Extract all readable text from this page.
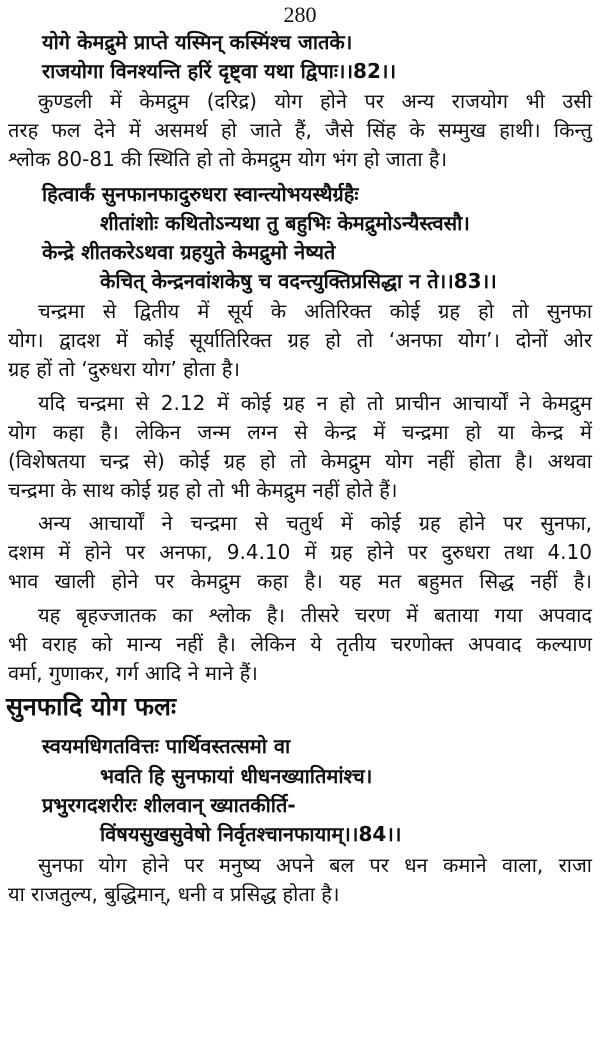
280
योगे केमद्रुमे प्राप्ते यस्मिन् कस्मिंश्च जातके।
राजयोगा विनश्यन्ति हरिं दृष्ट्वा यथा द्विपाः।।82।।
कुण्डली में केमद्रुम (दरिद्र) योग होने पर अन्य राजयोग भी उसी
तरह फल देने में असमर्थ हो जाते हैं, जैसे सिंह के सम्मुख हाथी। किन्तु
श्लोक 80-81 की स्थिति हो तो केमद्रुम योग भंग हो जाता है।
हित्वार्कं सुनफानफादुरुधरा स्वान्त्योभयस्थैर्ग्रहैः
शीतांशोः कथितोऽन्यथा तु बहुभिः केमद्रुमोऽन्यैस्त्वसौ।
केन्द्रे शीतकरेऽथवा ग्रहयुते केमद्रुमो नेष्यते
केचित् केन्द्रनवांशकेषु च वदन्त्युक्तिप्रसिद्धा न ते।।83।।
चन्द्रमा से द्वितीय में सूर्य के अतिरिक्त कोई ग्रह हो तो सुनफा
योग। द्वादश में कोई सूर्यातिरिक्त ग्रह हो तो ‘अनफा योग’। दोनों ओर
ग्रह हों तो ‘दुरुधरा योग’ होता है।
यदि चन्द्रमा से 2.12 में कोई ग्रह न हो तो प्राचीन आचार्यों ने केमद्रुम
योग कहा है। लेकिन जन्म लग्न से केन्द्र में चन्द्रमा हो या केन्द्र में
(विशेषतया चन्द्र से) कोई ग्रह हो तो केमद्रुम योग नहीं होता है। अथवा
चन्द्रमा के साथ कोई ग्रह हो तो भी केमद्रुम नहीं होते हैं।
अन्य आचार्यों ने चन्द्रमा से चतुर्थ में कोई ग्रह होने पर सुनफा,
दशम में होने पर अनफा, 9.4.10 में ग्रह होने पर दुरुधरा तथा 4.10
भाव खाली होने पर केमद्रुम कहा है। यह मत बहुमत सिद्ध नहीं है।
यह बृहज्जातक का श्लोक है। तीसरे चरण में बताया गया अपवाद
भी वराह को मान्य नहीं है। लेकिन ये तृतीय चरणोक्त अपवाद कल्याण
वर्मा, गुणाकर, गर्ग आदि ने माने हैं।
सुनफादि योग फलः
स्वयमधिगतवित्तः पार्थिवस्तत्समो वा
भवति हि सुनफायां धीधनख्यातिमांश्च।
प्रभुरगदशरीरः शीलवान् ख्यातकीर्ति-
विंषयसुखसुवेषो निर्वृतश्चानफायाम्।।84।।
सुनफा योग होने पर मनुष्य अपने बल पर धन कमाने वाला, राजा
या राजतुल्य, बुद्धिमान्, धनी व प्रसिद्ध होता है।
